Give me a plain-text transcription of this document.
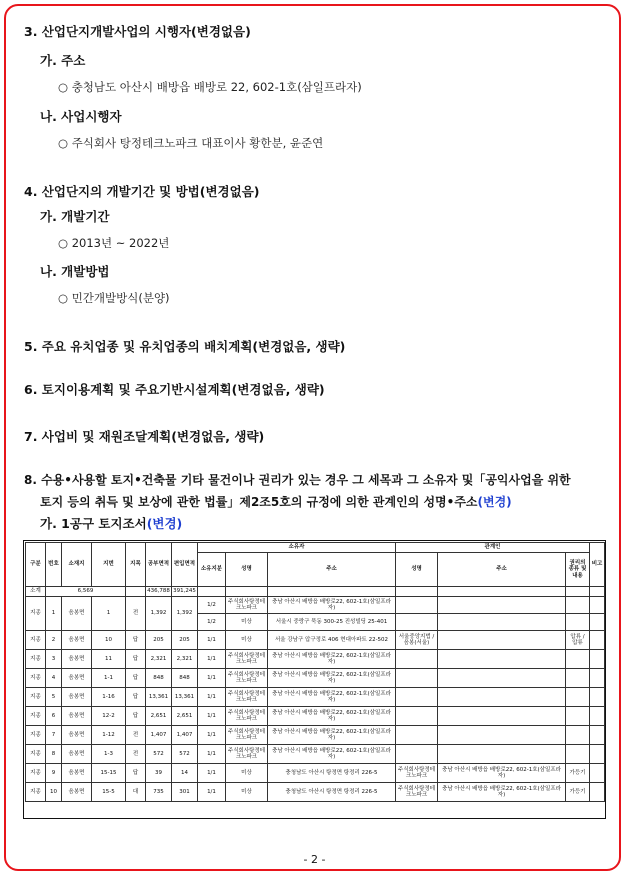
3. 산업단지개발사업의 시행자(변경없음)
가. 주소
○ 충청남도 아산시 배방읍 배방로 22, 602-1호(삼일프라자)
나. 사업시행자
○ 주식회사 탕정테크노파크 대표이사 황한분, 윤준연
4. 산업단지의 개발기간 및 방법(변경없음)
가. 개발기간
○ 2013년 ~ 2022년
나. 개발방법
○ 민간개발방식(분양)
5. 주요 유치업종 및 유치업종의 배치계획(변경없음, 생략)
6. 토지이용계획 및 주요기반시설계획(변경없음, 생략)
7. 사업비 및 재원조달계획(변경없음, 생략)
8. 수용•사용할 토지•건축물 기타 물건이나 권리가 있는 경우 그 세목과 그 소유자 및「공익사업을 위한
토지 등의 취득 및 보상에 관한 법률」제2조5호의 규정에 의한 관계인의 성명•주소(변경)
가. 1공구 토지조서(변경)
구분	번호	소재지	지번	지목	공부면적	편입면적	소유자			관계인			비고
							소유지분	성명	주소	성명	주소	권리의 종류 및 내용	
소계	6,569				436,788	391,245							
지종	1	음봉면	1	전	1,392	1,392	1/2	주식회사탕정테크노파크	충남 아산시 배방읍 배방로22, 602-1호(삼일프라자)				
							1/2	미상	서울시 중랑구 묵동 300-25 진성빌딩 25-401				
지종	2	음봉면	10	답	205	205	1/1	미상	서울 강남구 압구정로 406 현대아파트 22-502	서울중앙지법 / 음봉(서울)		압류 / 압류	
지종	3	음봉면	11	답	2,321	2,321	1/1	주식회사탕정테크노파크	충남 아산시 배방읍 배방로22, 602-1호(삼일프라자)				
지종	4	음봉면	1-1	답	848	848	1/1	주식회사탕정테크노파크	충남 아산시 배방읍 배방로22, 602-1호(삼일프라자)				
지종	5	음봉면	1-16	답	13,361	13,361	1/1	주식회사탕정테크노파크	충남 아산시 배방읍 배방로22, 602-1호(삼일프라자)				
지종	6	음봉면	12-2	답	2,651	2,651	1/1	주식회사탕정테크노파크	충남 아산시 배방읍 배방로22, 602-1호(삼일프라자)				
지종	7	음봉면	1-12	전	1,407	1,407	1/1	주식회사탕정테크노파크	충남 아산시 배방읍 배방로22, 602-1호(삼일프라자)				
지종	8	음봉면	1-3	전	572	572	1/1	주식회사탕정테크노파크	충남 아산시 배방읍 배방로22, 602-1호(삼일프라자)				
지종	9	음봉면	15-15	답	39	14	1/1	미상	충청남도 아산시 탕정면 탕정리 226-5	주식회사탕정테크노파크	충남 아산시 배방읍 배방로22, 602-1호(삼일프라자)	가등기	
지종	10	음봉면	15-5	대	735	301	1/1	미상	충청남도 아산시 탕정면 탕정리 226-5	주식회사탕정테크노파크	충남 아산시 배방읍 배방로22, 602-1호(삼일프라자)	가등기	
- 2 -
